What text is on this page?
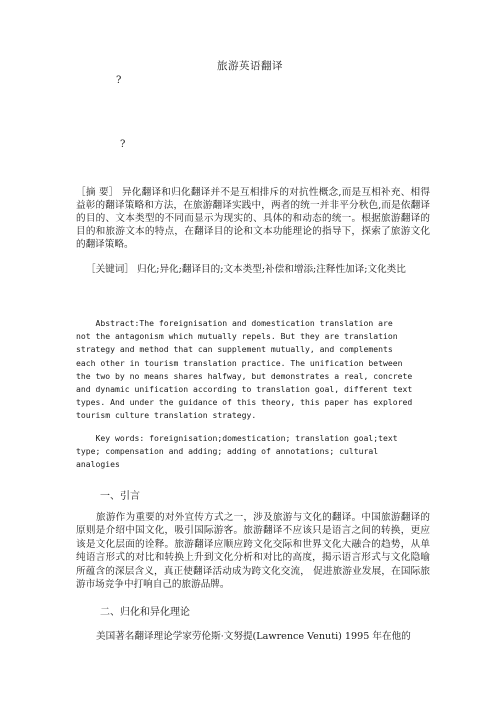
旅游英语翻译
?
?
［摘 要］ 异化翻译和归化翻译并不是互相排斥的对抗性概念,而是互相补充、相得益彰的翻译策略和方法，在旅游翻译实践中，两者的统一并非平分秋色,而是依翻译的目的、文本类型的不同而显示为现实的、具体的和动态的统一。根据旅游翻译的目的和旅游文本的特点，在翻译目的论和文本功能理论的指导下，探索了旅游文化的翻译策略。
［关键词］ 归化;异化;翻译目的;文本类型;补偿和增添;注释性加译;文化类比
Abstract:The foreignisation and domestication translation are
not the antagonism which mutually repels. But they are translation
strategy and method that can supplement mutually, and complements
each other in tourism translation practice. The unification between
the two by no means shares halfway, but demonstrates a real, concrete
and dynamic unification according to translation goal, different text
types. And under the guidance of this theory, this paper has explored
tourism culture translation strategy.
Key words: foreignisation;domestication; translation goal;text
type; compensation and adding; adding of annotations; cultural
analogies
一、引言
旅游作为重要的对外宣传方式之一，涉及旅游与文化的翻译。中国旅游翻译的原则是介绍中国文化，吸引国际游客。旅游翻译不应该只是语言之间的转换，更应该是文化层面的诠释。旅游翻译应顺应跨文化交际和世界文化大融合的趋势，从单纯语言形式的对比和转换上升到文化分析和对比的高度，揭示语言形式与文化隐喻所蕴含的深层含义，真正使翻译活动成为跨文化交流， 促进旅游业发展，在国际旅游市场竞争中打响自己的旅游品牌。
二、归化和异化理论
美国著名翻译理论学家劳伦斯·文努提(Lawrence Venuti) 1995 年在他的
